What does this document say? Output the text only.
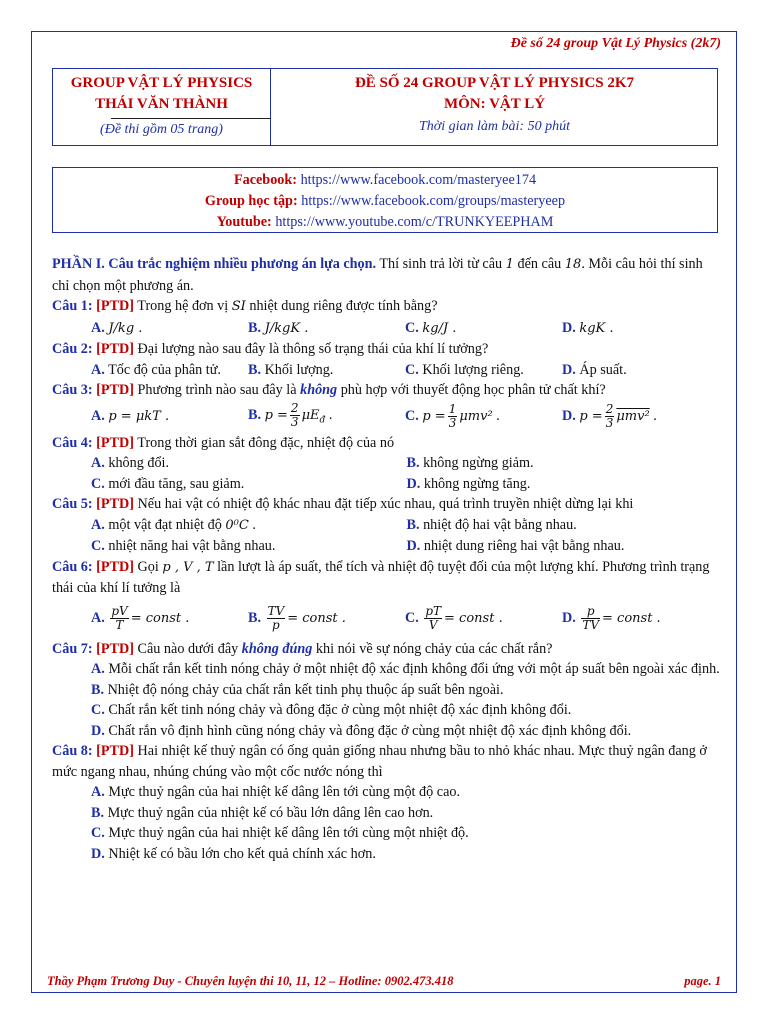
Đề số 24 group Vật Lý Physics (2k7)
GROUP VẬT LÝ PHYSICS
THÁI VĂN THÀNH
(Đề thi gồm 05 trang)
ĐỀ SỐ 24 GROUP VẬT LÝ PHYSICS 2K7
MÔN: VẬT LÝ
Thời gian làm bài: 50 phút
Facebook: https://www.facebook.com/masteryee174
Group học tập: https://www.facebook.com/groups/masteryeep
Youtube: https://www.youtube.com/c/TRUNKYEEPHAM
PHẦN I. Câu trắc nghiệm nhiều phương án lựa chọn. Thí sinh trả lời từ câu 1 đến câu 18. Mỗi câu hỏi thí sinh chỉ chọn một phương án.
Câu 1: [PTD] Trong hệ đơn vị SI nhiệt dung riêng được tính bằng?
A. J/kg .	B. J/kgK .	C. kg/J .	D. kgK .
Câu 2: [PTD] Đại lượng nào sau đây là thông số trạng thái của khí lí tưởng?
A. Tốc độ của phân tử.	B. Khối lượng.	C. Khối lượng riêng.	D. Áp suất.
Câu 3: [PTD] Phương trình nào sau đây là không phù hợp với thuyết động học phân tử chất khí?
A. p = μkT .	B. $p = \frac{2}{3} \mu E_đ$ .	C. $p = \frac{1}{3} \mu mv^2$ .	D. $p = \frac{2}{3} \mu mv^2$ .
Câu 4: [PTD] Trong thời gian sắt đông đặc, nhiệt độ của nó
A. không đổi.	B. không ngừng giảm.
C. mới đầu tăng, sau giảm.	D. không ngừng tăng.
Câu 5: [PTD] Nếu hai vật có nhiệt độ khác nhau đặt tiếp xúc nhau, quá trình truyền nhiệt dừng lại khi
A. một vật đạt nhiệt độ 0⁰C .	B. nhiệt độ hai vật bằng nhau.
C. nhiệt năng hai vật bằng nhau.	D. nhiệt dung riêng hai vật bằng nhau.
Câu 6: [PTD] Gọi p , V , T lần lượt là áp suất, thể tích và nhiệt độ tuyệt đối của một lượng khí. Phương trình trạng thái của khí lí tưởng là
A. $\frac{pV}{T}$ = const .	B. $\frac{TV}{p}$ = const .	C. $\frac{pT}{V}$ = const .	D. $\frac{p}{TV}$ = const .
Câu 7: [PTD] Câu nào dưới đây không đúng khi nói về sự nóng chảy của các chất rắn?
A. Mỗi chất rắn kết tinh nóng chảy ở một nhiệt độ xác định không đổi ứng với một áp suất bên ngoài xác định.
B. Nhiệt độ nóng chảy của chất rắn kết tinh phụ thuộc áp suất bên ngoài.
C. Chất rắn kết tinh nóng chảy và đông đặc ở cùng một nhiệt độ xác định không đổi.
D. Chất rắn vô định hình cũng nóng chảy và đông đặc ở cùng một nhiệt độ xác định không đổi.
Câu 8: [PTD] Hai nhiệt kế thuỷ ngân có ống quản giống nhau nhưng bầu to nhỏ khác nhau. Mực thuỷ ngân đang ở mức ngang nhau, nhúng chúng vào một cốc nước nóng thì
A. Mực thuỷ ngân của hai nhiệt kế dâng lên tới cùng một độ cao.
B. Mực thuỷ ngân của nhiệt kế có bầu lớn dâng lên cao hơn.
C. Mực thuỷ ngân của hai nhiệt kế dâng lên tới cùng một nhiệt độ.
D. Nhiệt kế có bầu lớn cho kết quả chính xác hơn.
Thầy Phạm Trương Duy - Chuyên luyện thi 10, 11, 12 – Hotline: 0902.473.418	page. 1
